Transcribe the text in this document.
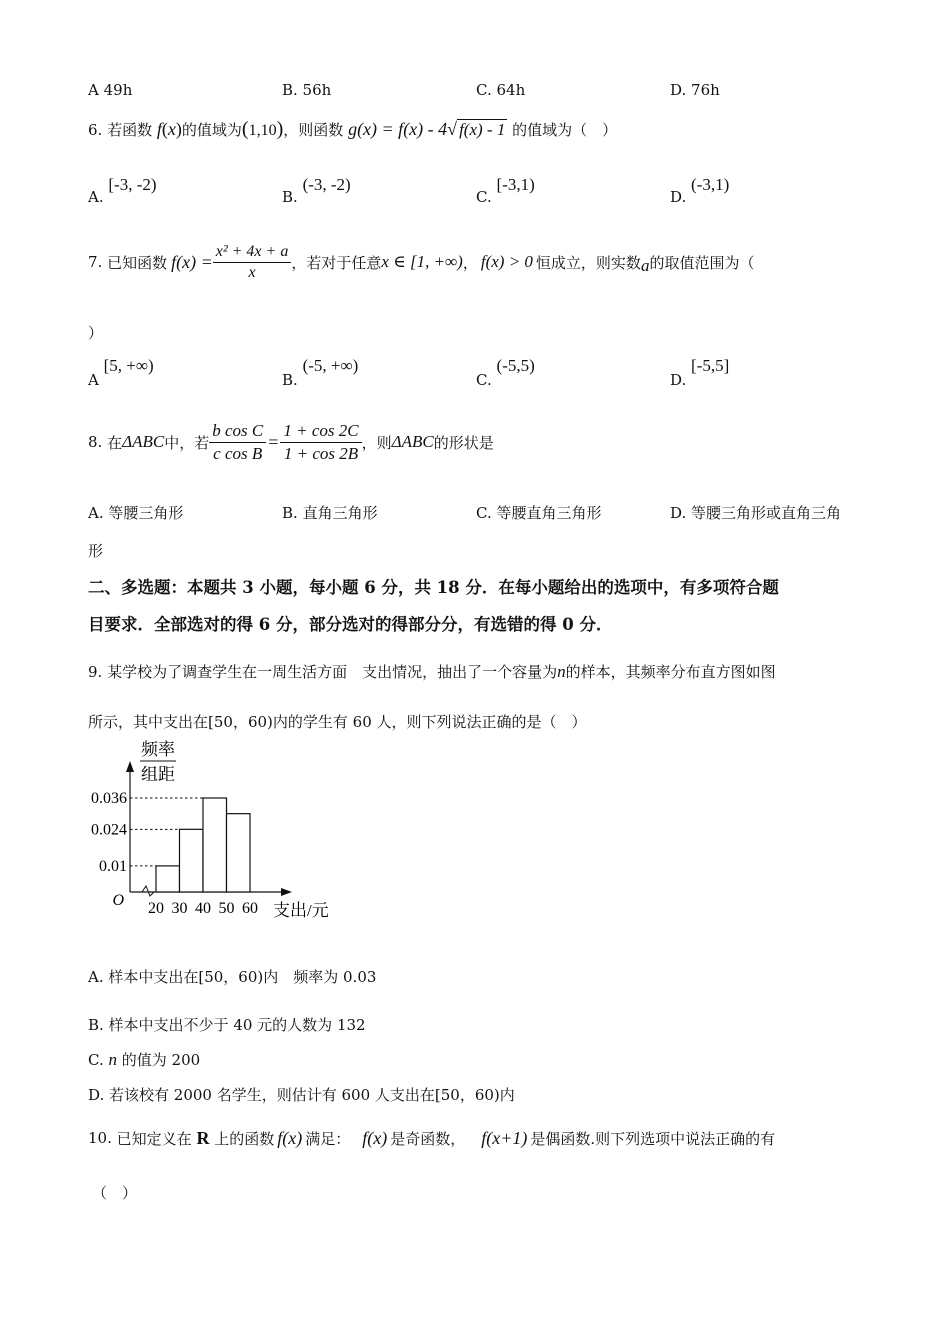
A 49h	B. 56h	C. 64h	D. 76h
6. 若函数 f(x)的值域为(1,10)，则函数 g(x) = f(x) - 4√ f(x) - 1 的值域为（　）
A. [-3, -2)
B. (-3, -2)
C. [-3,1)
D. (-3,1)
7.
已知函数 $f(x) = \frac{\text{x² + 4x + a}}{x}$ ，若对于任意 x ∈ [1, +∞) ， f(x) > 0 恒成立，则实数 a 的取值范围为（
）
A [5, +∞)
B. (-5, +∞)
C. (-5,5)
D. [-5,5]
8.
在 ΔABC 中，若 $\frac{\text{b cos C}}{\text{c cos B}} = \frac{1 + \cos 2C}{1 + \cos 2B}$ ，则 ΔABC 的形状是
A. 等腰三角形	B. 直角三角形	C. 等腰直角三角形	D. 等腰三角形或直角三角
形
二、多选题：本题共 3 小题，每小题 6 分，共 18 分．在每小题给出的选项中，有多项符合题
目要求．全部选对的得 6 分，部分选对的得部分分，有选错的得 0 分．
9. 某学校为了调查学生在一周生活方面　支出情况，抽出了一个容量为n的样本，其频率分布直方图如图
所示，其中支出在[50，60)内的学生有 60 人，则下列说法正确的是（　）
频率
组距
O
0.036
0.024
0.01
20 30 40 50 60 支出/元
A. 样本中支出在[50，60)内　频率为 0.03
B. 样本中支出不少于 40 元的人数为 132
C. n 的值为 200
D. 若该校有 2000 名学生，则估计有 600 人支出在[50，60)内
10.
已知定义在
R
上的函数 f(x) 满足： f(x) 是奇函数， f(x+1) 是偶函数.则下列选项中说法正确的有
（　）
